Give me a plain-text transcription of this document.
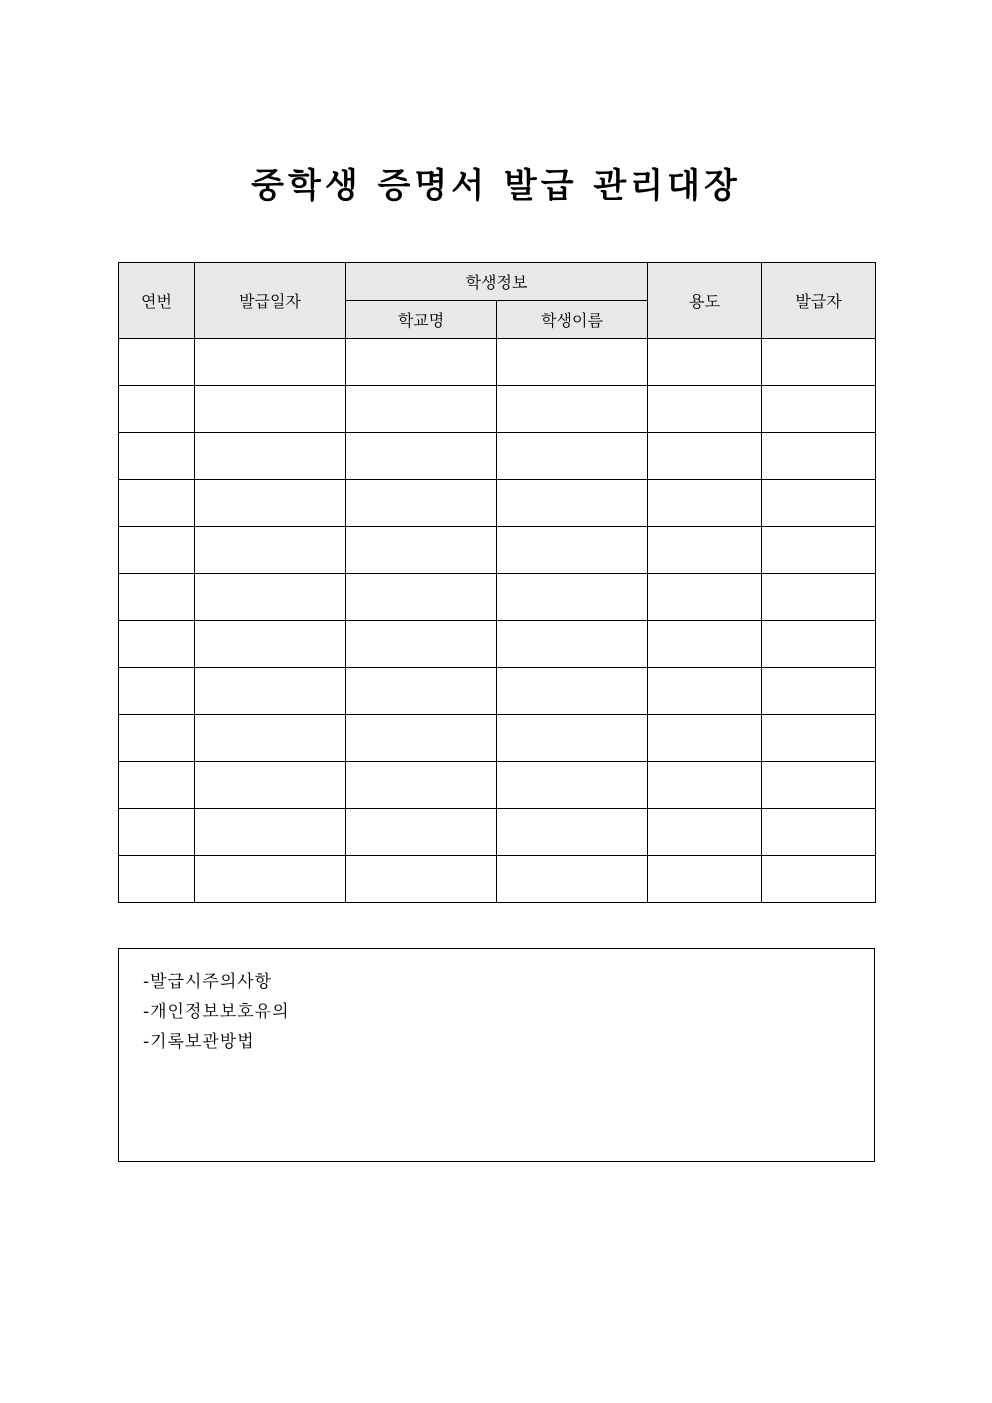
중학생 증명서 발급 관리대장
연번	발급일자	학생정보		용도	발급자
		학교명	학생이름		

-발급시주의사항
-개인정보보호유의
-기록보관방법
